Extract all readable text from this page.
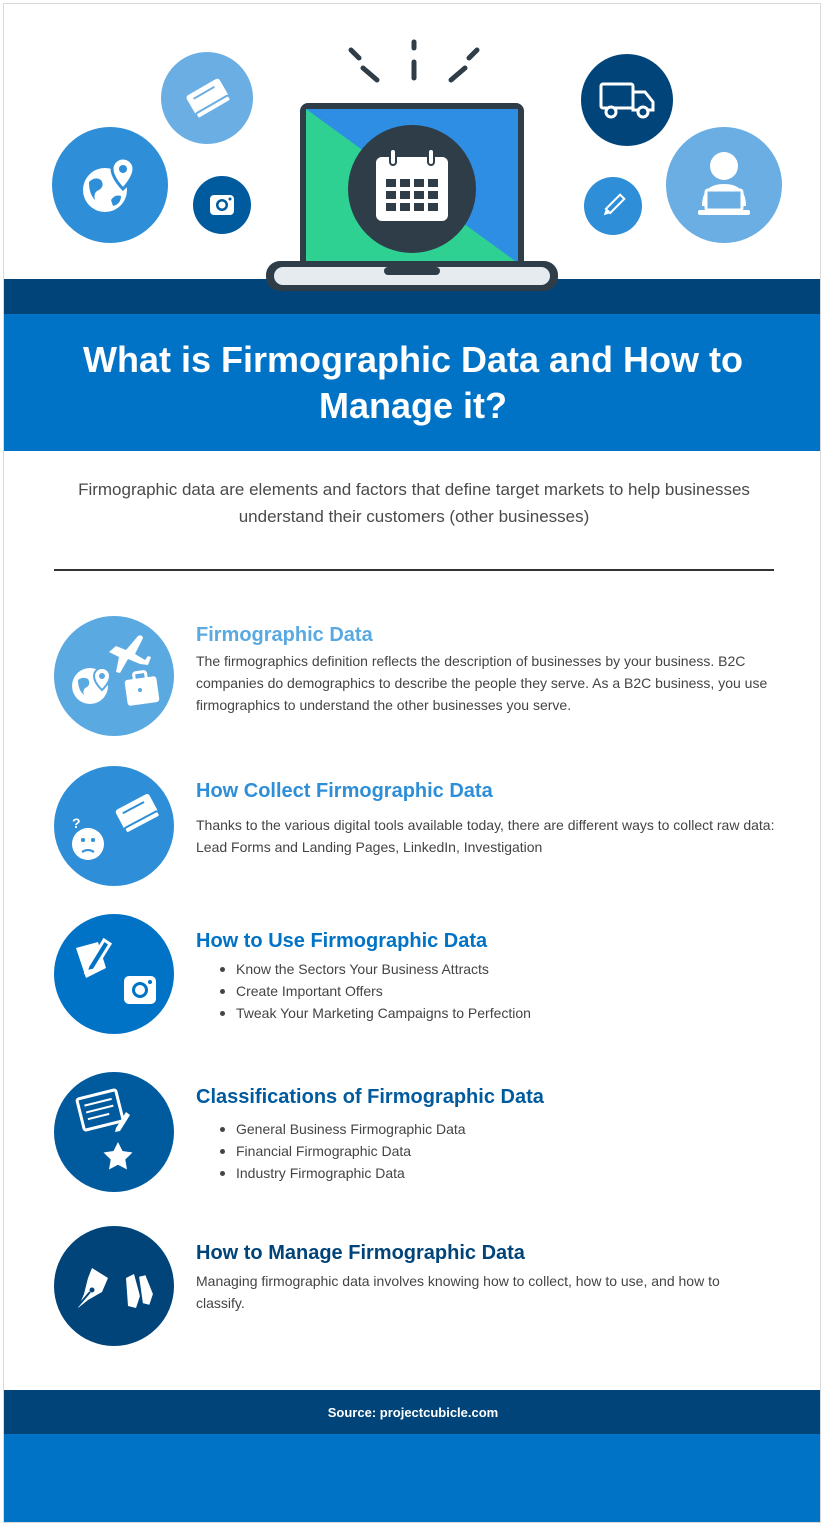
What is Firmographic Data and How to Manage it?

Firmographic data are elements and factors that define target markets to help businesses understand their customers (other businesses)

Firmographic Data

The firmographics definition reflects the description of businesses by your business. B2C companies do demographics to describe the people they serve. As a B2C business, you use firmographics to understand the other businesses you serve.

?
How Collect Firmographic Data

Thanks to the various digital tools available today, there are different ways to collect raw data: Lead Forms and Landing Pages, LinkedIn, Investigation

How to Use Firmographic Data
Know the Sectors Your Business Attracts
Create Important Offers
Tweak Your Marketing Campaigns to Perfection
Classifications of Firmographic Data
General Business Firmographic Data
Financial Firmographic Data
Industry Firmographic Data
How to Manage Firmographic Data

Managing firmographic data involves knowing how to collect, how to use, and how to classify.

Source: projectcubicle.com
